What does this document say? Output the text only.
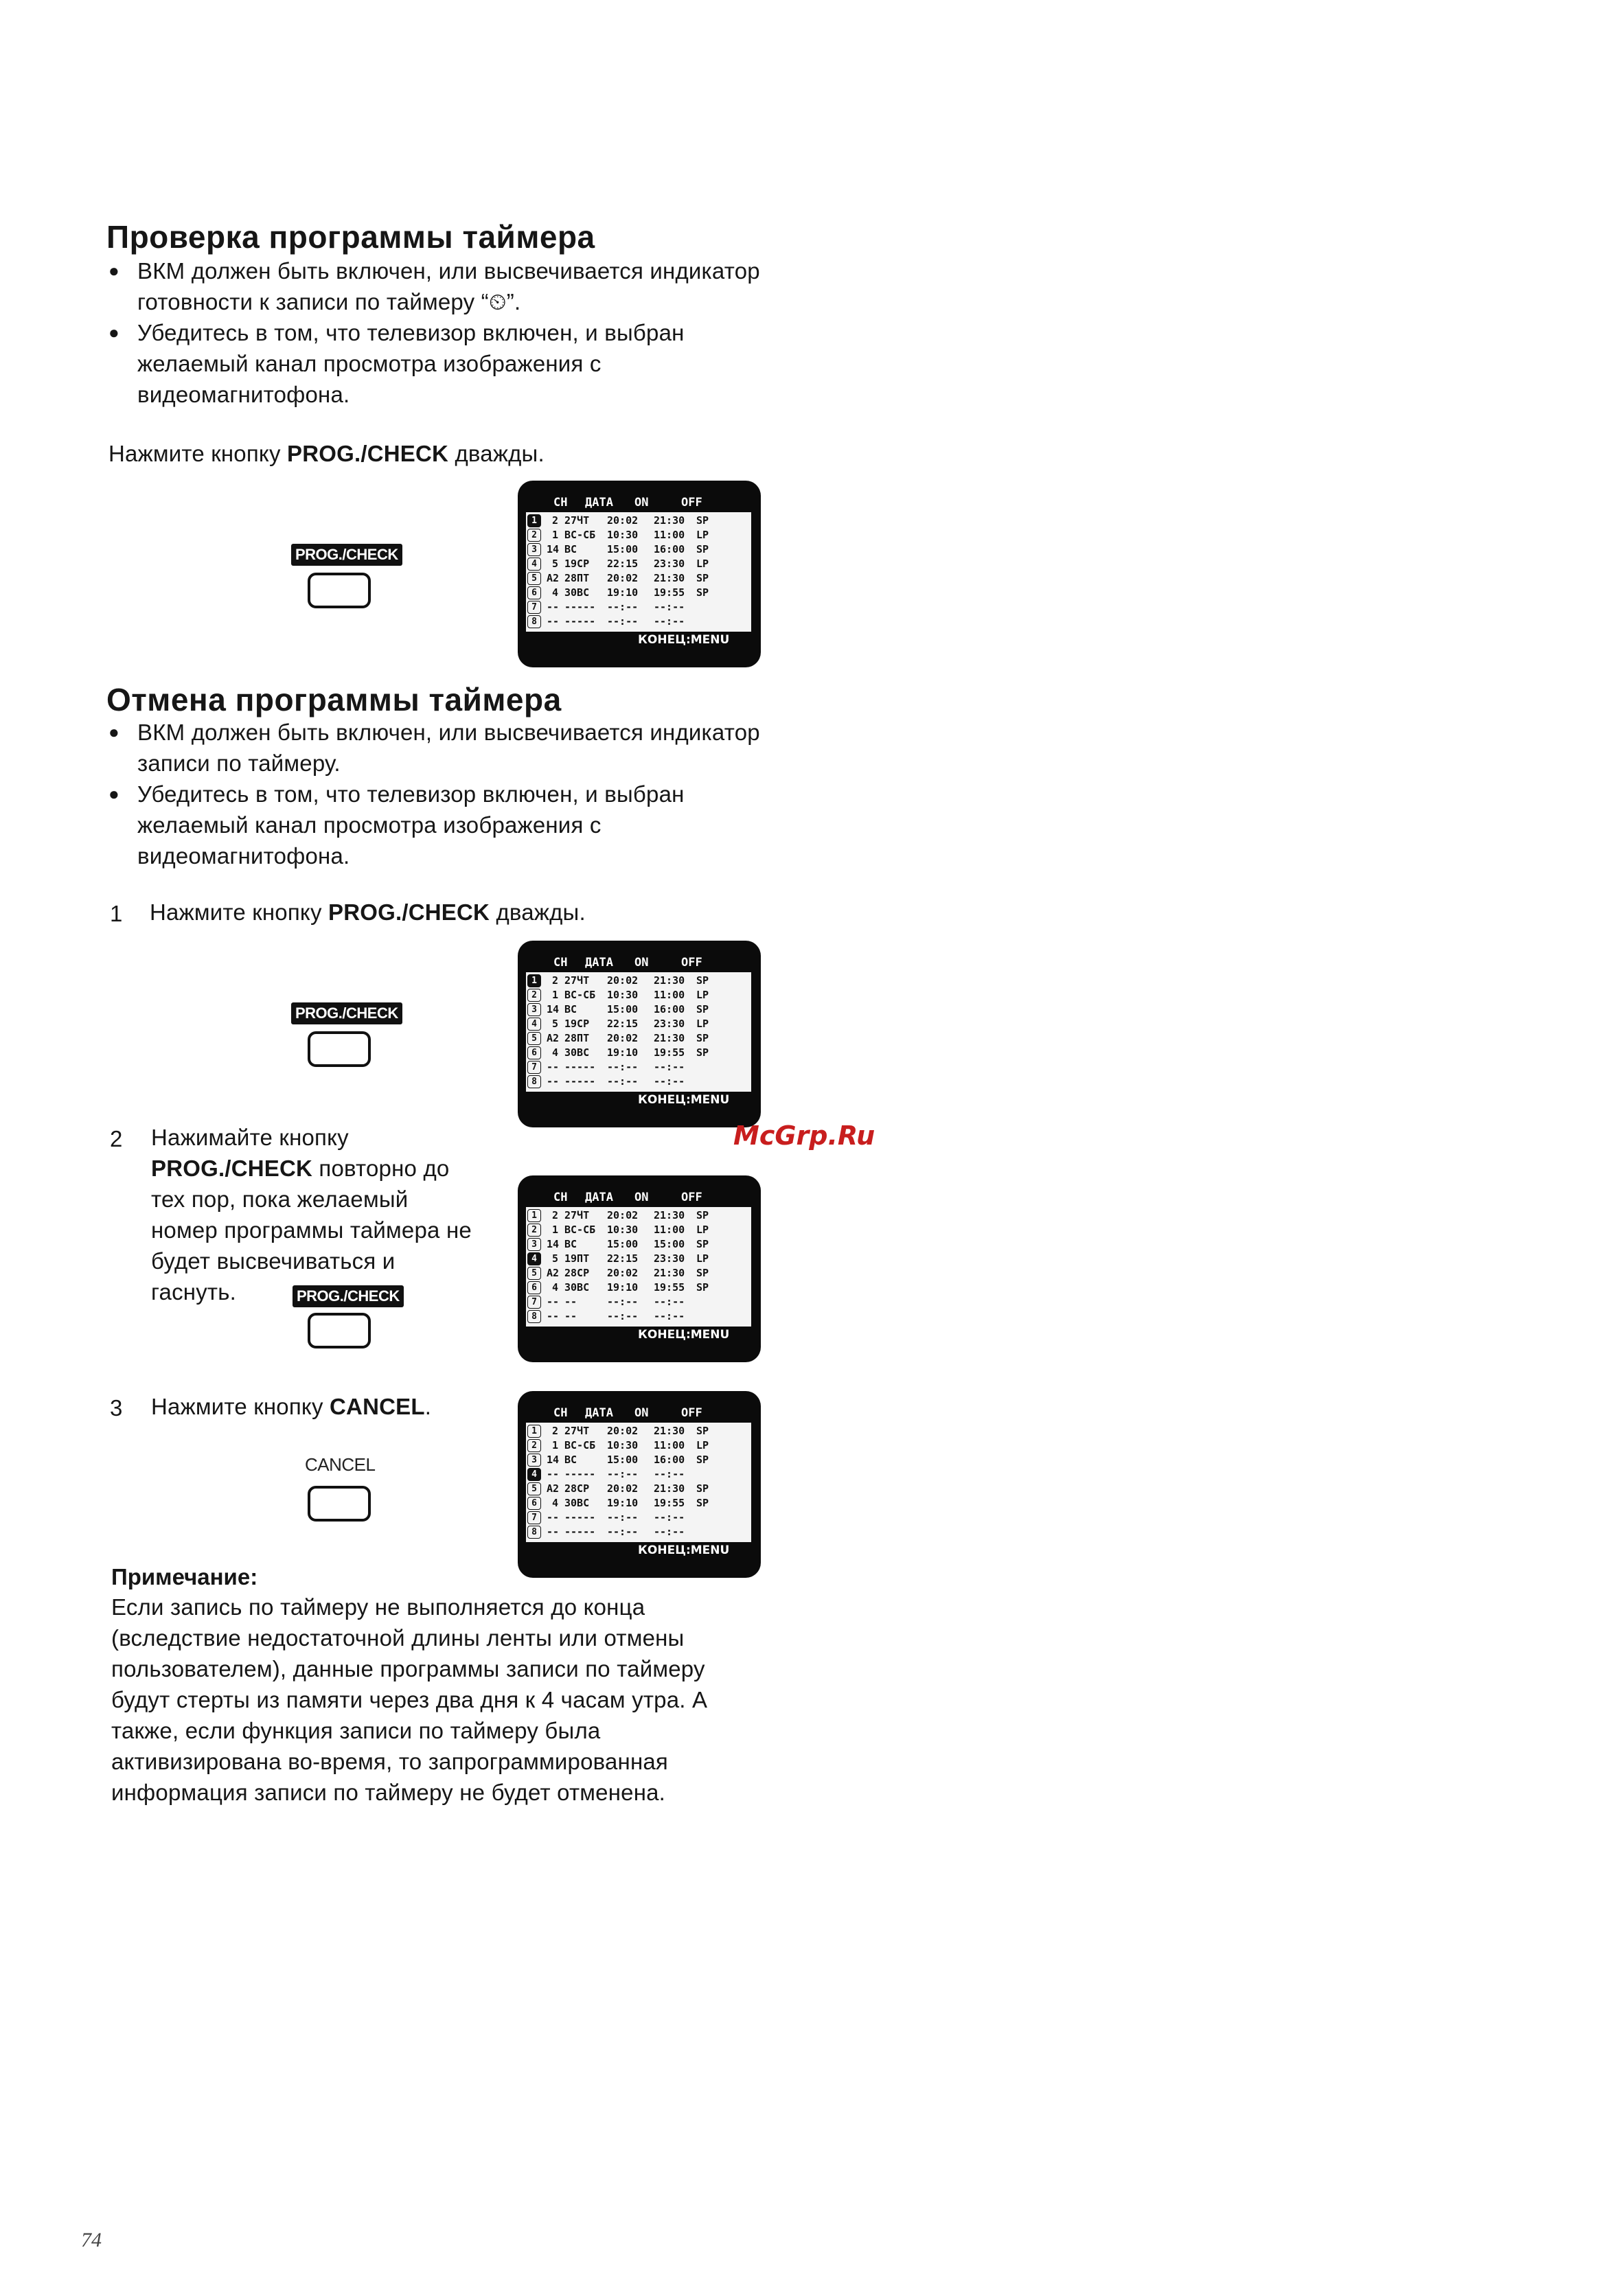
Проверка программы таймера
● ВКМ должен быть включен, или высвечивается индикатор готовности к записи по таймеру “⏲”.
● Убедитесь в том, что телевизор включен, и выбран желаемый канал просмотра изображения с видеомагнитофона.
Нажмите кнопку PROG./CHECK дважды.
PROG./CHECK
CH ДАТА ON	OFF
1	2 27ЧТ 20:02 21:30 SP
2	1 ВС-СБ 10:30 11:00 LP
3 14 ВС	15:00 16:00 SP
4	5 19СР 22:15 23:30 LP
5 A2 28ПТ 20:02 21:30 SP
6	4 30ВС 19:10 19:55 SP
7 -- ----- --:-- --:--
8 -- ----- --:-- --:--
КОНЕЦ:MENU
Отмена программы таймера
● ВКМ должен быть включен, или высвечивается индикатор записи по таймеру.
● Убедитесь в том, что телевизор включен, и выбран желаемый канал просмотра изображения с видеомагнитофона.
1 Нажмите кнопку PROG./CHECK дважды.
PROG./CHECK
CH ДАТА ON	OFF
1	2 27ЧТ 20:02 21:30 SP
2	1 ВС-СБ 10:30 11:00 LP
3 14 ВС	15:00 16:00 SP
4	5 19СР 22:15 23:30 LP
5 A2 28ПТ 20:02 21:30 SP
6	4 30ВС 19:10 19:55 SP
7 -- ----- --:-- --:--
8 -- ----- --:-- --:--
КОНЕЦ:MENU
2 Нажимайте кнопку PROG./CHECK повторно до тех пор, пока желаемый номер программы таймера не будет высвечиваться и гаснуть.	PROG./CHECK
CH ДАТА ON	OFF
1	2 27ЧТ 20:02 21:30 SP
2	1 ВС-СБ 10:30 11:00 LP
3 14 ВС	15:00 15:00 SP
4	5 19ПТ 22:15 23:30 LP
5 A2 28СР 20:02 21:30 SP
6	4 30ВС 19:10 19:55 SP
7 -- --	--:-- --:--
8 -- --	--:-- --:--
КОНЕЦ:MENU
McGrp.Ru
3 Нажмите кнопку CANCEL.
CANCEL
CH ДАТА ON	OFF
1	2 27ЧТ 20:02 21:30 SP
2	1 ВС-СБ 10:30 11:00 LP
3 14 ВС	15:00 16:00 SP
4 -- ----- --:-- --:--
5 A2 28СР 20:02 21:30 SP
6	4 30ВС 19:10 19:55 SP
7 -- ----- --:-- --:--
8 -- ----- --:-- --:--
КОНЕЦ:MENU
Примечание:
Если запись по таймеру не выполняется до конца (вследствие недостаточной длины ленты или отмены пользователем), данные программы записи по таймеру будут стерты из памяти через два дня к 4 часам утра. А также, если функция записи по таймеру была активизирована во-время, то запрограммированная информация записи по таймеру не будет отменена.
74
